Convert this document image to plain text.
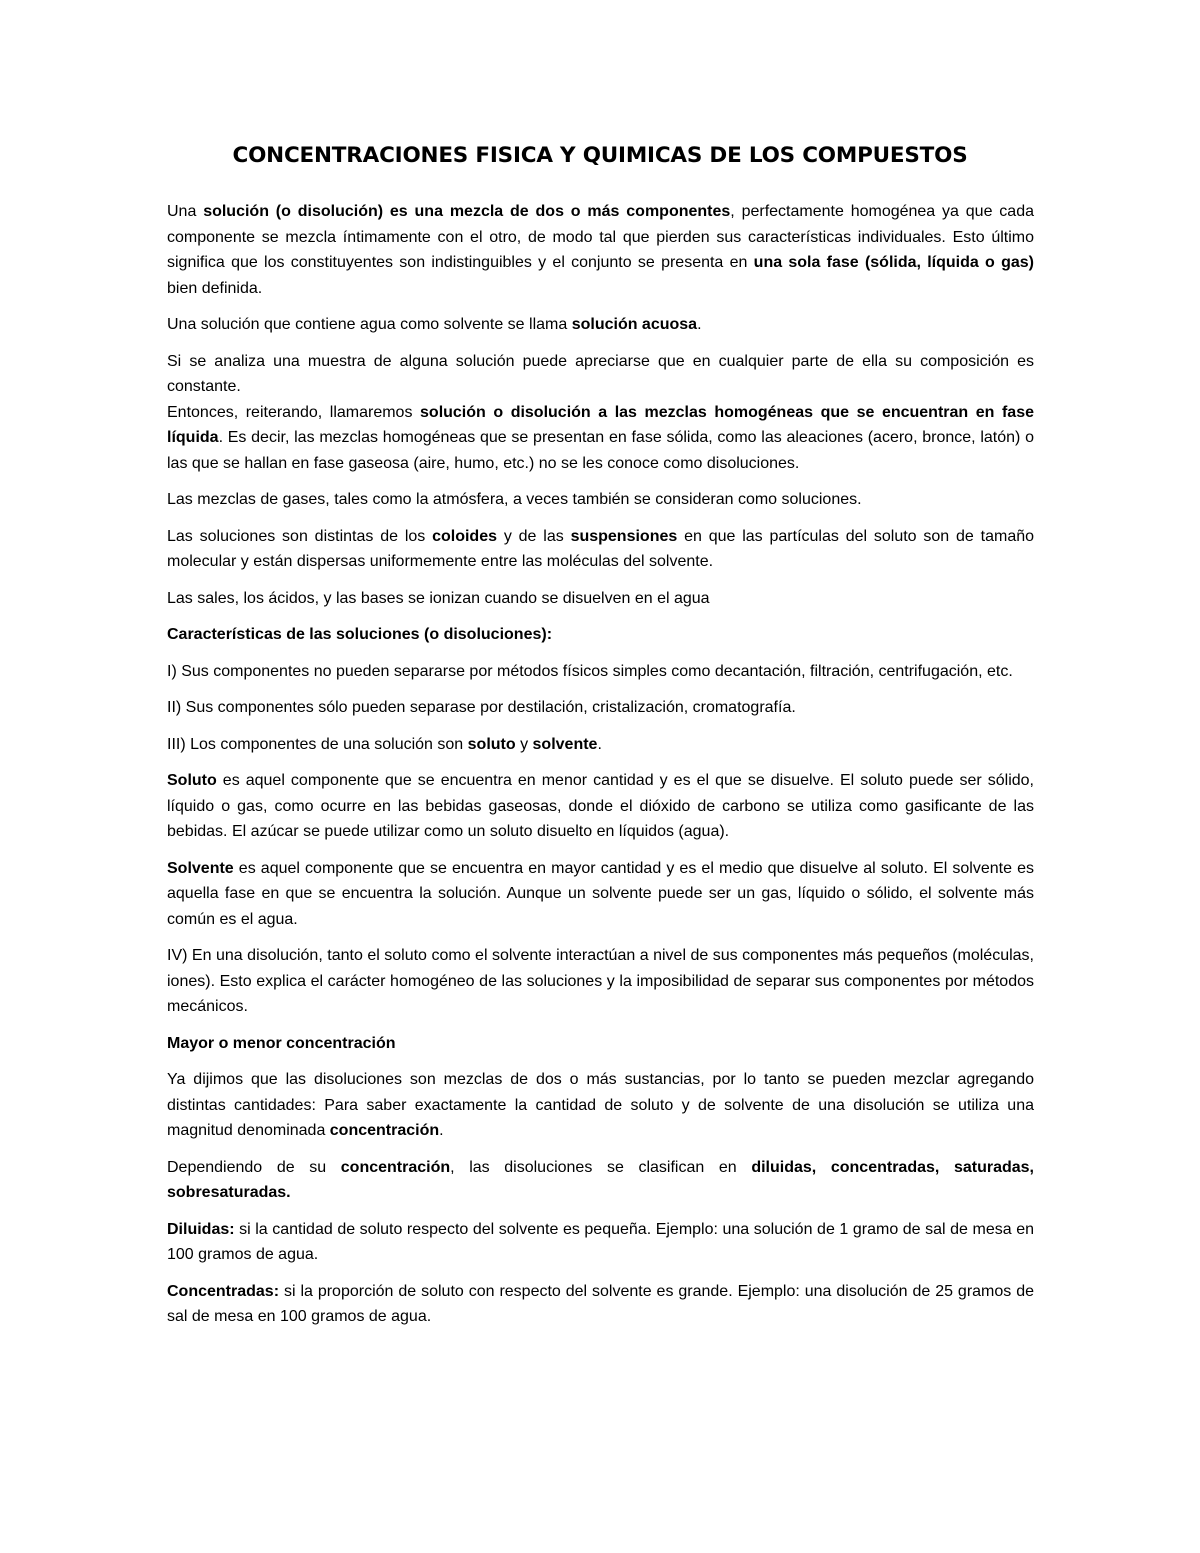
CONCENTRACIONES FISICA Y QUIMICAS DE LOS COMPUESTOS

Una solución (o disolución) es una mezcla de dos o más componentes, perfectamente homogénea ya que cada componente se mezcla íntimamente con el otro, de modo tal que pierden sus características individuales. Esto último significa que los constituyentes son indistinguibles y el conjunto se presenta en una sola fase (sólida, líquida o gas) bien definida.

Una solución que contiene agua como solvente se llama solución acuosa.

Si se analiza una muestra de alguna solución puede apreciarse que en cualquier parte de ella su composición es constante.

Entonces, reiterando, llamaremos solución o disolución a las mezclas homogéneas que se encuentran en fase líquida. Es decir, las mezclas homogéneas que se presentan en fase sólida, como las aleaciones (acero, bronce, latón) o las que se hallan en fase gaseosa (aire, humo, etc.) no se les conoce como disoluciones.

Las mezclas de gases, tales como la atmósfera, a veces también se consideran como soluciones.

Las soluciones son distintas de los coloides y de las suspensiones en que las partículas del soluto son de tamaño molecular y están dispersas uniformemente entre las moléculas del solvente.

Las sales, los ácidos, y las bases se ionizan cuando se disuelven en el agua

Características de las soluciones (o disoluciones):

I) Sus componentes no pueden separarse por métodos físicos simples como decantación, filtración, centrifugación, etc.

II) Sus componentes sólo pueden separase por destilación, cristalización, cromatografía.

III) Los componentes de una solución son soluto y solvente.

Soluto es aquel componente que se encuentra en menor cantidad y es el que se disuelve. El soluto puede ser sólido, líquido o gas, como ocurre en las bebidas gaseosas, donde el dióxido de carbono se utiliza como gasificante de las bebidas. El azúcar se puede utilizar como un soluto disuelto en líquidos (agua).

Solvente es aquel componente que se encuentra en mayor cantidad y es el medio que disuelve al soluto. El solvente es aquella fase en que se encuentra la solución. Aunque un solvente puede ser un gas, líquido o sólido, el solvente más común es el agua.

IV) En una disolución, tanto el soluto como el solvente interactúan a nivel de sus componentes más pequeños (moléculas, iones). Esto explica el carácter homogéneo de las soluciones y la imposibilidad de separar sus componentes por métodos mecánicos.

Mayor o menor concentración

Ya dijimos que las disoluciones son mezclas de dos o más sustancias, por lo tanto se pueden mezclar agregando distintas cantidades: Para saber exactamente la cantidad de soluto y de solvente de una disolución se utiliza una magnitud denominada concentración.

Dependiendo de su concentración, las disoluciones se clasifican en diluidas, concentradas, saturadas, sobresaturadas.

Diluidas: si la cantidad de soluto respecto del solvente es pequeña. Ejemplo: una solución de 1 gramo de sal de mesa en 100 gramos de agua.

Concentradas: si la proporción de soluto con respecto del solvente es grande. Ejemplo: una disolución de 25 gramos de sal de mesa en 100 gramos de agua.
